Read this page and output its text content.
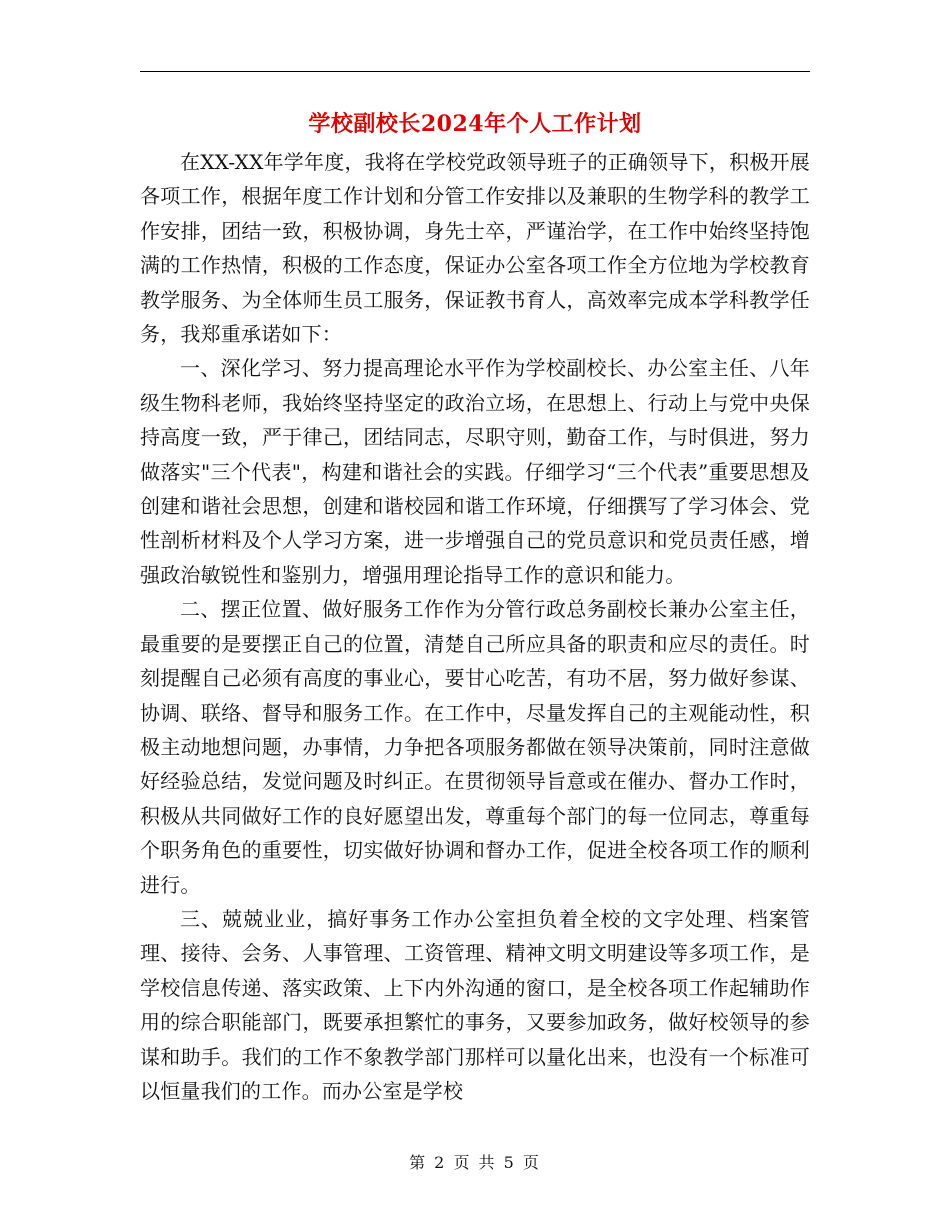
学校副校长2024年个人工作计划

在XX-XX年学年度，我将在学校党政领导班子的正确领导下，积极开展各项工作，根据年度工作计划和分管工作安排以及兼职的生物学科的教学工作安排，团结一致，积极协调，身先士卒，严谨治学，在工作中始终坚持饱满的工作热情，积极的工作态度，保证办公室各项工作全方位地为学校教育教学服务、为全体师生员工服务，保证教书育人，高效率完成本学科教学任务，我郑重承诺如下：

一、深化学习、努力提高理论水平作为学校副校长、办公室主任、八年级生物科老师，我始终坚持坚定的政治立场，在思想上、行动上与党中央保持高度一致，严于律己，团结同志，尽职守则，勤奋工作，与时俱进，努力做落实"三个代表"，构建和谐社会的实践。仔细学习“三个代表”重要思想及创建和谐社会思想，创建和谐校园和谐工作环境，仔细撰写了学习体会、党性剖析材料及个人学习方案，进一步增强自己的党员意识和党员责任感，增强政治敏锐性和鉴别力，增强用理论指导工作的意识和能力。

二、摆正位置、做好服务工作作为分管行政总务副校长兼办公室主任，最重要的是要摆正自己的位置，清楚自己所应具备的职责和应尽的责任。时刻提醒自己必须有高度的事业心，要甘心吃苦，有功不居，努力做好参谋、协调、联络、督导和服务工作。在工作中，尽量发挥自己的主观能动性，积极主动地想问题，办事情，力争把各项服务都做在领导决策前，同时注意做好经验总结，发觉问题及时纠正。在贯彻领导旨意或在催办、督办工作时，积极从共同做好工作的良好愿望出发，尊重每个部门的每一位同志，尊重每个职务角色的重要性，切实做好协调和督办工作，促进全校各项工作的顺利进行。

三、兢兢业业，搞好事务工作办公室担负着全校的文字处理、档案管理、接待、会务、人事管理、工资管理、精神文明文明建设等多项工作，是学校信息传递、落实政策、上下内外沟通的窗口，是全校各项工作起辅助作用的综合职能部门，既要承担繁忙的事务，又要参加政务，做好校领导的参谋和助手。我们的工作不象教学部门那样可以量化出来，也没有一个标准可以恒量我们的工作。而办公室是学校

第 2 页 共 5 页
